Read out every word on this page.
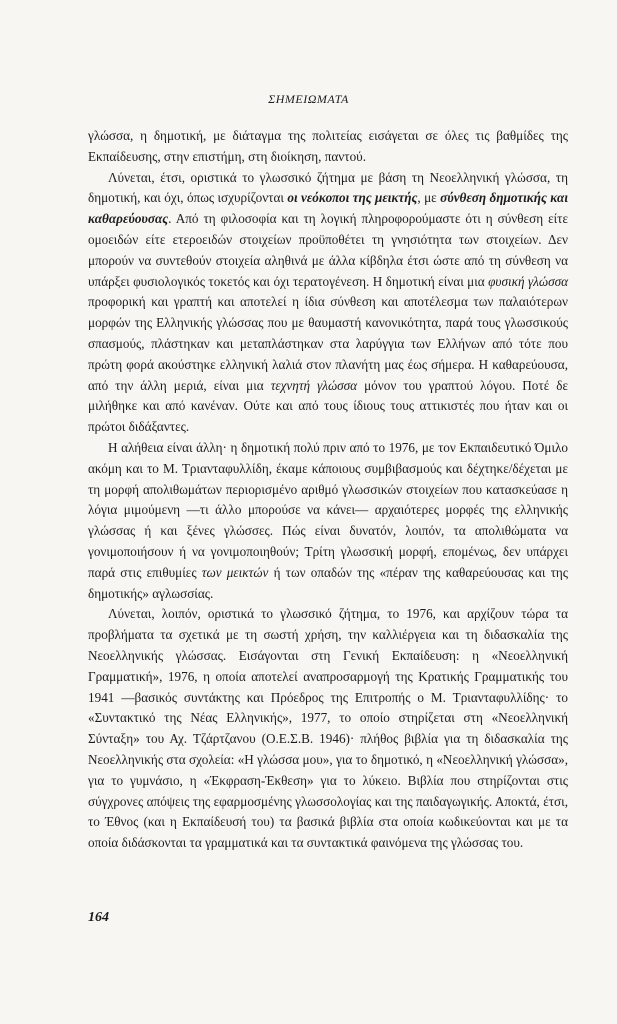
ΣΗΜΕΙΩΜΑΤΑ

γλώσσα, η δημοτική, με διάταγμα της πολιτείας εισάγεται σε όλες τις βαθμίδες της Εκπαίδευσης, στην επιστήμη, στη διοίκηση, παντού.

Λύνεται, έτσι, οριστικά το γλωσσικό ζήτημα με βάση τη Νεοελληνική γλώσσα, τη δημοτική, και όχι, όπως ισχυρίζονται οι νεόκοποι της μεικτής, με σύνθεση δημοτικής και καθαρεύουσας. Από τη φιλοσοφία και τη λογική πληροφορούμαστε ότι η σύνθεση είτε ομοειδών είτε ετεροειδών στοιχείων προϋποθέτει τη γνησιότητα των στοιχείων. Δεν μπορούν να συντεθούν στοιχεία αληθινά με άλλα κίβδηλα έτσι ώστε από τη σύνθεση να υπάρξει φυσιολογικός τοκετός και όχι τερατογένεση. Η δημοτική είναι μια φυσική γλώσσα προφορική και γραπτή και αποτελεί η ίδια σύνθεση και αποτέλεσμα των παλαιότερων μορφών της Ελληνικής γλώσσας που με θαυμαστή κανονικότητα, παρά τους γλωσσικούς σπασμούς, πλάστηκαν και μεταπλάστηκαν στα λαρύγγια των Ελλήνων από τότε που πρώτη φορά ακούστηκε ελληνική λαλιά στον πλανήτη μας έως σήμερα. Η καθαρεύουσα, από την άλλη μεριά, είναι μια τεχνητή γλώσσα μόνον του γραπτού λόγου. Ποτέ δε μιλήθηκε και από κανέναν. Ούτε και από τους ίδιους τους αττικιστές που ήταν και οι πρώτοι διδάξαντες.

Η αλήθεια είναι άλλη· η δημοτική πολύ πριν από το 1976, με τον Εκπαιδευτικό Όμιλο ακόμη και το Μ. Τριανταφυλλίδη, έκαμε κάποιους συμβιβασμούς και δέχτηκε/δέχεται με τη μορφή απολιθωμάτων περιορισμένο αριθμό γλωσσικών στοιχείων που κατασκεύασε η λόγια μιμούμενη —τι άλλο μπορούσε να κάνει— αρχαιότερες μορφές της ελληνικής γλώσσας ή και ξένες γλώσσες. Πώς είναι δυνατόν, λοιπόν, τα απολιθώματα να γονιμοποιήσουν ή να γονιμοποιηθούν; Τρίτη γλωσσική μορφή, επομένως, δεν υπάρχει παρά στις επιθυμίες των μεικτών ή των οπαδών της «πέραν της καθαρεύουσας και της δημοτικής» αγλωσσίας.

Λύνεται, λοιπόν, οριστικά το γλωσσικό ζήτημα, το 1976, και αρχίζουν τώρα τα προβλήματα τα σχετικά με τη σωστή χρήση, την καλλιέργεια και τη διδασκαλία της Νεοελληνικής γλώσσας. Εισάγονται στη Γενική Εκπαίδευση: η «Νεοελληνική Γραμματική», 1976, η οποία αποτελεί αναπροσαρμογή της Κρατικής Γραμματικής του 1941 —βασικός συντάκτης και Πρόεδρος της Επιτροπής ο Μ. Τριανταφυλλίδης· το «Συντακτικό της Νέας Ελληνικής», 1977, το οποίο στηρίζεται στη «Νεοελληνική Σύνταξη» του Αχ. Τζάρτζανου (Ο.Ε.Σ.Β. 1946)· πλήθος βιβλία για τη διδασκαλία της Νεοελληνικής στα σχολεία: «Η γλώσσα μου», για το δημοτικό, η «Νεοελληνική γλώσσα», για το γυμνάσιο, η «Έκφραση-Έκθεση» για το λύκειο. Βιβλία που στηρίζονται στις σύγχρονες απόψεις της εφαρμοσμένης γλωσσολογίας και της παιδαγωγικής. Αποκτά, έτσι, το Έθνος (και η Εκπαίδευσή του) τα βασικά βιβλία στα οποία κωδικεύονται και με τα οποία διδάσκονται τα γραμματικά και τα συντακτικά φαινόμενα της γλώσσας του.

164
